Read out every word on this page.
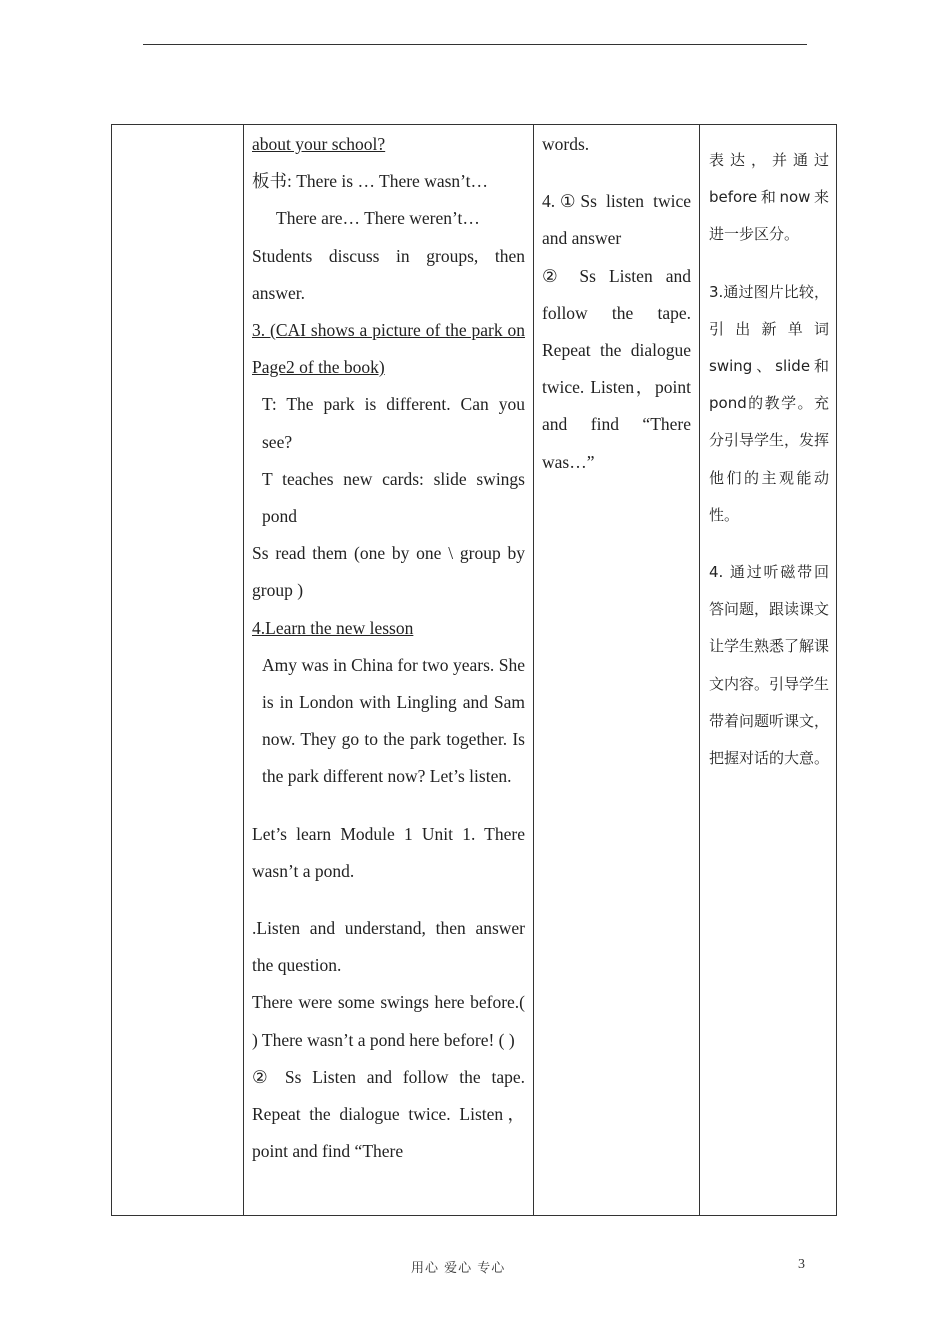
about your school?

板书: There is … There wasn’t…

There are… There weren’t…

Students discuss in groups, then answer.

3. (CAI shows a picture of the park on Page2 of the book)

T: The park is different. Can you see?

T teaches new cards: slide swings pond

Ss read them (one by one \ group by group )

4.Learn the new lesson

Amy was in China for two years. She is in London with Lingling and Sam now. They go to the park together. Is the park different now? Let’s listen.

Let’s learn Module 1 Unit 1. There wasn’t a pond.

.Listen and understand, then answer the question.

There were some swings here before.( ) There wasn’t a pond here before! ( )

② Ss Listen and follow the tape. Repeat the dialogue twice. Listen，point and find “There

words.

4.①Ss listen twice and answer

② Ss Listen and follow the tape. Repeat the dialogue twice. Listen，point and find “There was…”

表达，并通过before和now来进一步区分。

3.通过图片比较，引出新单词swing、slide和pond的教学。充分引导学生，发挥他们的主观能动性。

4. 通过听磁带回答问题，跟读课文让学生熟悉了解课文内容。引导学生带着问题听课文，把握对话的大意。

用心 爱心 专心	3
